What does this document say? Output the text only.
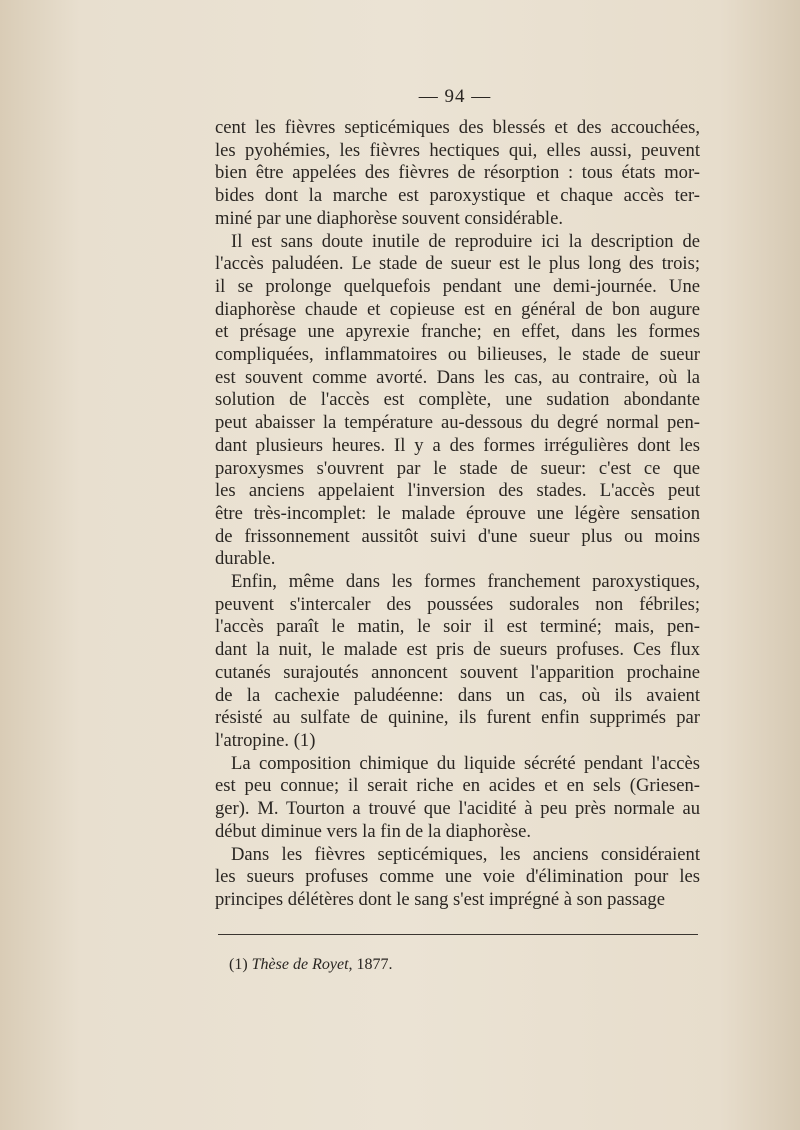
— 94 —
cent les fièvres septicémiques des blessés et des accouchées,
les pyohémies, les fièvres hectiques qui, elles aussi, peuvent
bien être appelées des fièvres de résorption : tous états mor-
bides dont la marche est paroxystique et chaque accès ter-
miné par une diaphorèse souvent considérable.
Il est sans doute inutile de reproduire ici la description de
l'accès paludéen. Le stade de sueur est le plus long des trois;
il se prolonge quelquefois pendant une demi-journée. Une
diaphorèse chaude et copieuse est en général de bon augure
et présage une apyrexie franche; en effet, dans les formes
compliquées, inflammatoires ou bilieuses, le stade de sueur
est souvent comme avorté. Dans les cas, au contraire, où la
solution de l'accès est complète, une sudation abondante
peut abaisser la température au-dessous du degré normal pen-
dant plusieurs heures. Il y a des formes irrégulières dont les
paroxysmes s'ouvrent par le stade de sueur: c'est ce que
les anciens appelaient l'inversion des stades. L'accès peut
être très-incomplet: le malade éprouve une légère sensation
de frissonnement aussitôt suivi d'une sueur plus ou moins
durable.
Enfin, même dans les formes franchement paroxystiques,
peuvent s'intercaler des poussées sudorales non fébriles;
l'accès paraît le matin, le soir il est terminé; mais, pen-
dant la nuit, le malade est pris de sueurs profuses. Ces flux
cutanés surajoutés annoncent souvent l'apparition prochaine
de la cachexie paludéenne: dans un cas, où ils avaient
résisté au sulfate de quinine, ils furent enfin supprimés par
l'atropine. (1)
La composition chimique du liquide sécrété pendant l'accès
est peu connue; il serait riche en acides et en sels (Griesen-
ger). M. Tourton a trouvé que l'acidité à peu près normale au
début diminue vers la fin de la diaphorèse.
Dans les fièvres septicémiques, les anciens considéraient
les sueurs profuses comme une voie d'élimination pour les
principes délétères dont le sang s'est imprégné à son passage
(1) Thèse de Royet, 1877.
